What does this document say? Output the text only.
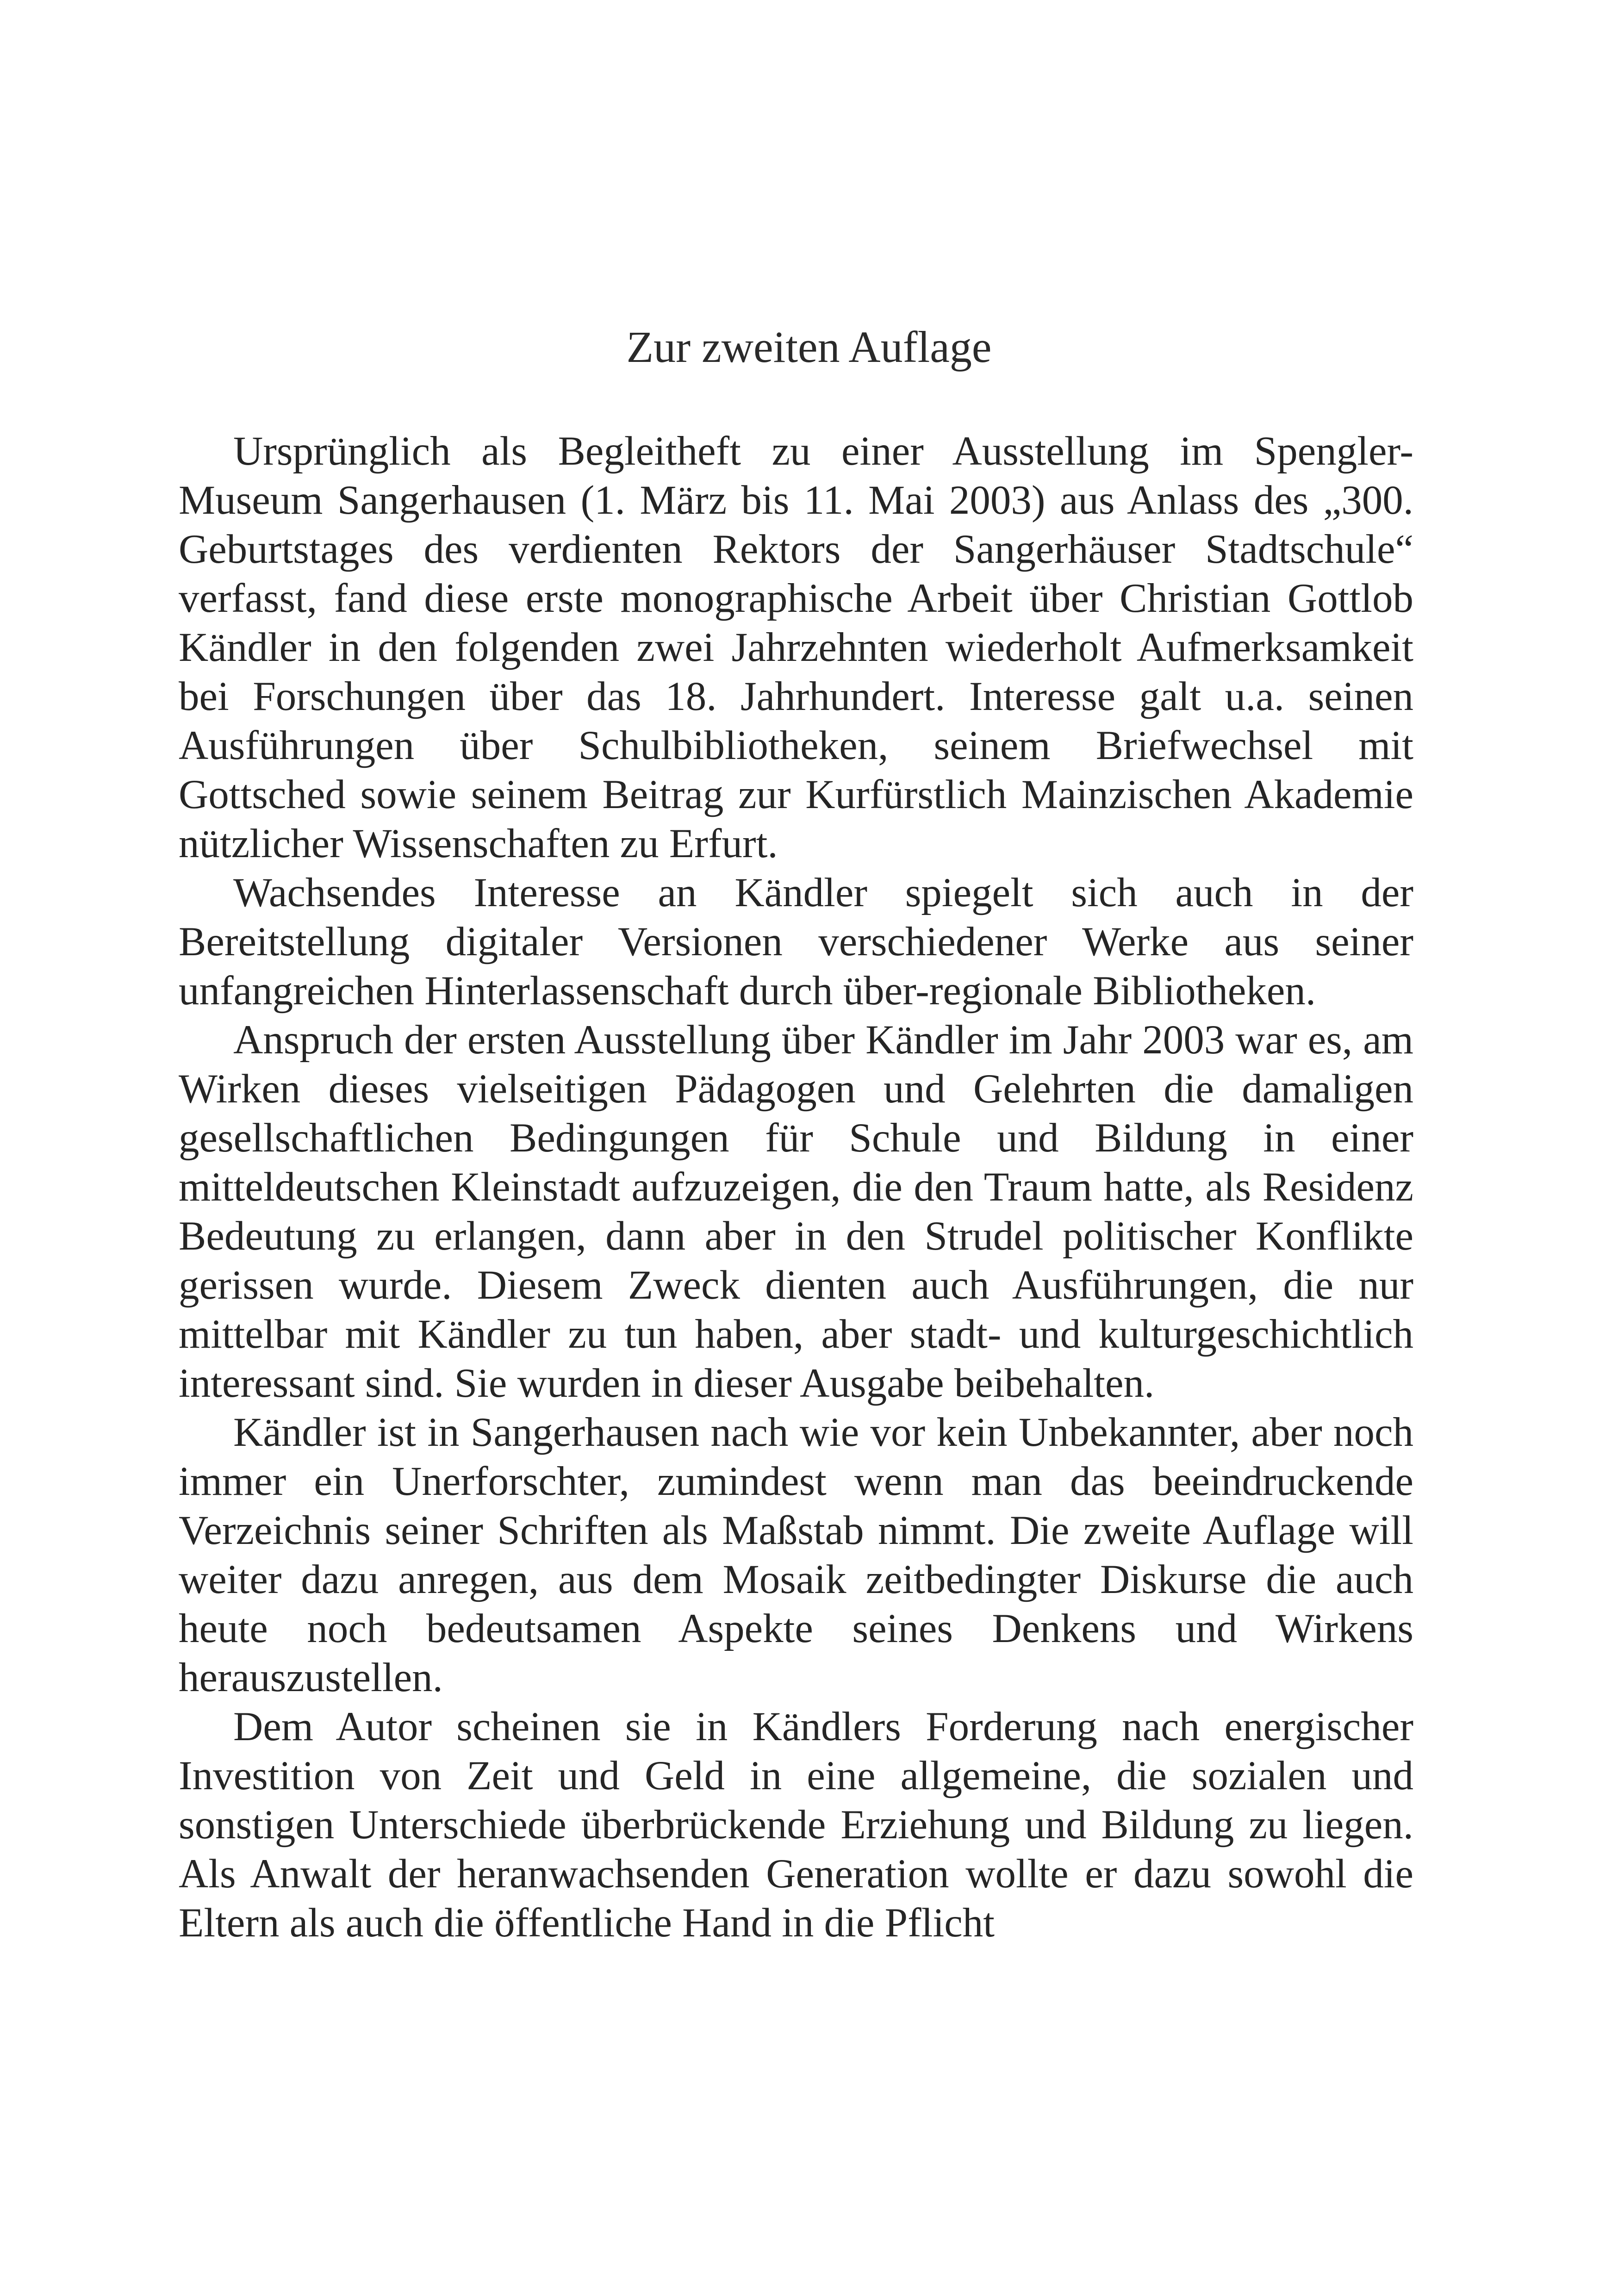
Zur zweiten Auflage

Ursprünglich als Begleitheft zu einer Ausstellung im Spengler-Museum Sangerhausen (1. März bis 11. Mai 2003) aus Anlass des „300. Geburtstages des verdienten Rektors der Sangerhäuser Stadtschule“ verfasst, fand diese erste monographische Arbeit über Christian Gottlob Kändler in den folgenden zwei Jahrzehnten wiederholt Aufmerksamkeit bei Forschungen über das 18. Jahrhundert. Interesse galt u.a. seinen Ausführungen über Schulbibliotheken, seinem Briefwechsel mit Gottsched sowie seinem Beitrag zur Kurfürstlich Mainzischen Akademie nützlicher Wissenschaften zu Erfurt.

Wachsendes Interesse an Kändler spiegelt sich auch in der Bereitstellung digitaler Versionen verschiedener Werke aus seiner unfangreichen Hinterlassenschaft durch über-regionale Bibliotheken.

Anspruch der ersten Ausstellung über Kändler im Jahr 2003 war es, am Wirken dieses vielseitigen Pädagogen und Gelehrten die damaligen gesellschaftlichen Bedingungen für Schule und Bildung in einer mitteldeutschen Kleinstadt aufzuzeigen, die den Traum hatte, als Residenz Bedeutung zu erlangen, dann aber in den Strudel politischer Konflikte gerissen wurde. Diesem Zweck dienten auch Ausführungen, die nur mittelbar mit Kändler zu tun haben, aber stadt- und kulturgeschichtlich interessant sind. Sie wurden in dieser Ausgabe beibehalten.

Kändler ist in Sangerhausen nach wie vor kein Unbekannter, aber noch immer ein Unerforschter, zumindest wenn man das beeindruckende Verzeichnis seiner Schriften als Maßstab nimmt. Die zweite Auflage will weiter dazu anregen, aus dem Mosaik zeitbedingter Diskurse die auch heute noch bedeutsamen Aspekte seines Denkens und Wirkens herauszustellen.

Dem Autor scheinen sie in Kändlers Forderung nach energischer Investition von Zeit und Geld in eine allgemeine, die sozialen und sonstigen Unterschiede überbrückende Erziehung und Bildung zu liegen. Als Anwalt der heranwachsenden Generation wollte er dazu sowohl die Eltern als auch die öffentliche Hand in die Pflicht
